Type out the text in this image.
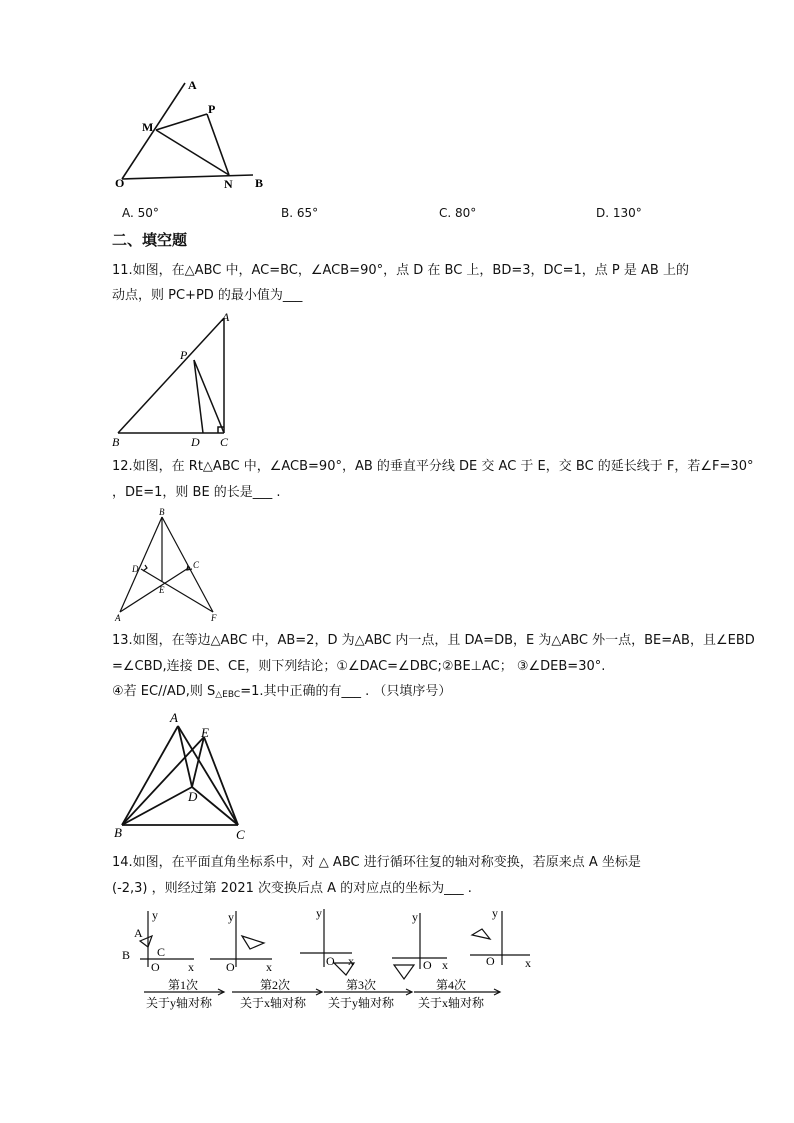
A
M
P
O	N B
A. 50°	B. 65°	C. 80°	D. 130°
二、填空题
11.如图，在△ABC 中，AC=BC，∠ACB=90°，点 D 在 BC 上，BD=3，DC=1，点 P 是 AB 上的
动点，则 PC+PD 的最小值为___
A
P
B	D C
12.如图，在 Rt△ABC 中，∠ACB=90°，AB 的垂直平分线 DE 交 AC 于 E，交 BC 的延长线于 F，若∠F=30°
，DE=1，则 BE 的长是___ .
B
D	C
E
A	F
13.如图，在等边△ABC 中，AB=2，D 为△ABC 内一点，且 DA=DB，E 为△ABC 外一点，BE=AB，且∠EBD
=∠CBD,连接 DE、CE，则下列结论；①∠DAC=∠DBC;②BE⊥AC； ③∠DEB=30°.
④若 EC//AD,则 $S_{\triangle EBC}=1$.其中正确的有___ . （只填序号）
A
E
D
B	C
14.如图，在平面直角坐标系中，对 △ ABC 进行循环往复的轴对称变换，若原来点 A 坐标是
(-2,3) ，则经过第 2021 次变换后点 A 的对应点的坐标为___ .
y
x
O
A
B C
y
x
O
y
x
O
y
x
O
y
x
O
第1次
关于y轴对称
第2次
关于x轴对称
第3次
关于y轴对称
第4次
关于x轴对称
